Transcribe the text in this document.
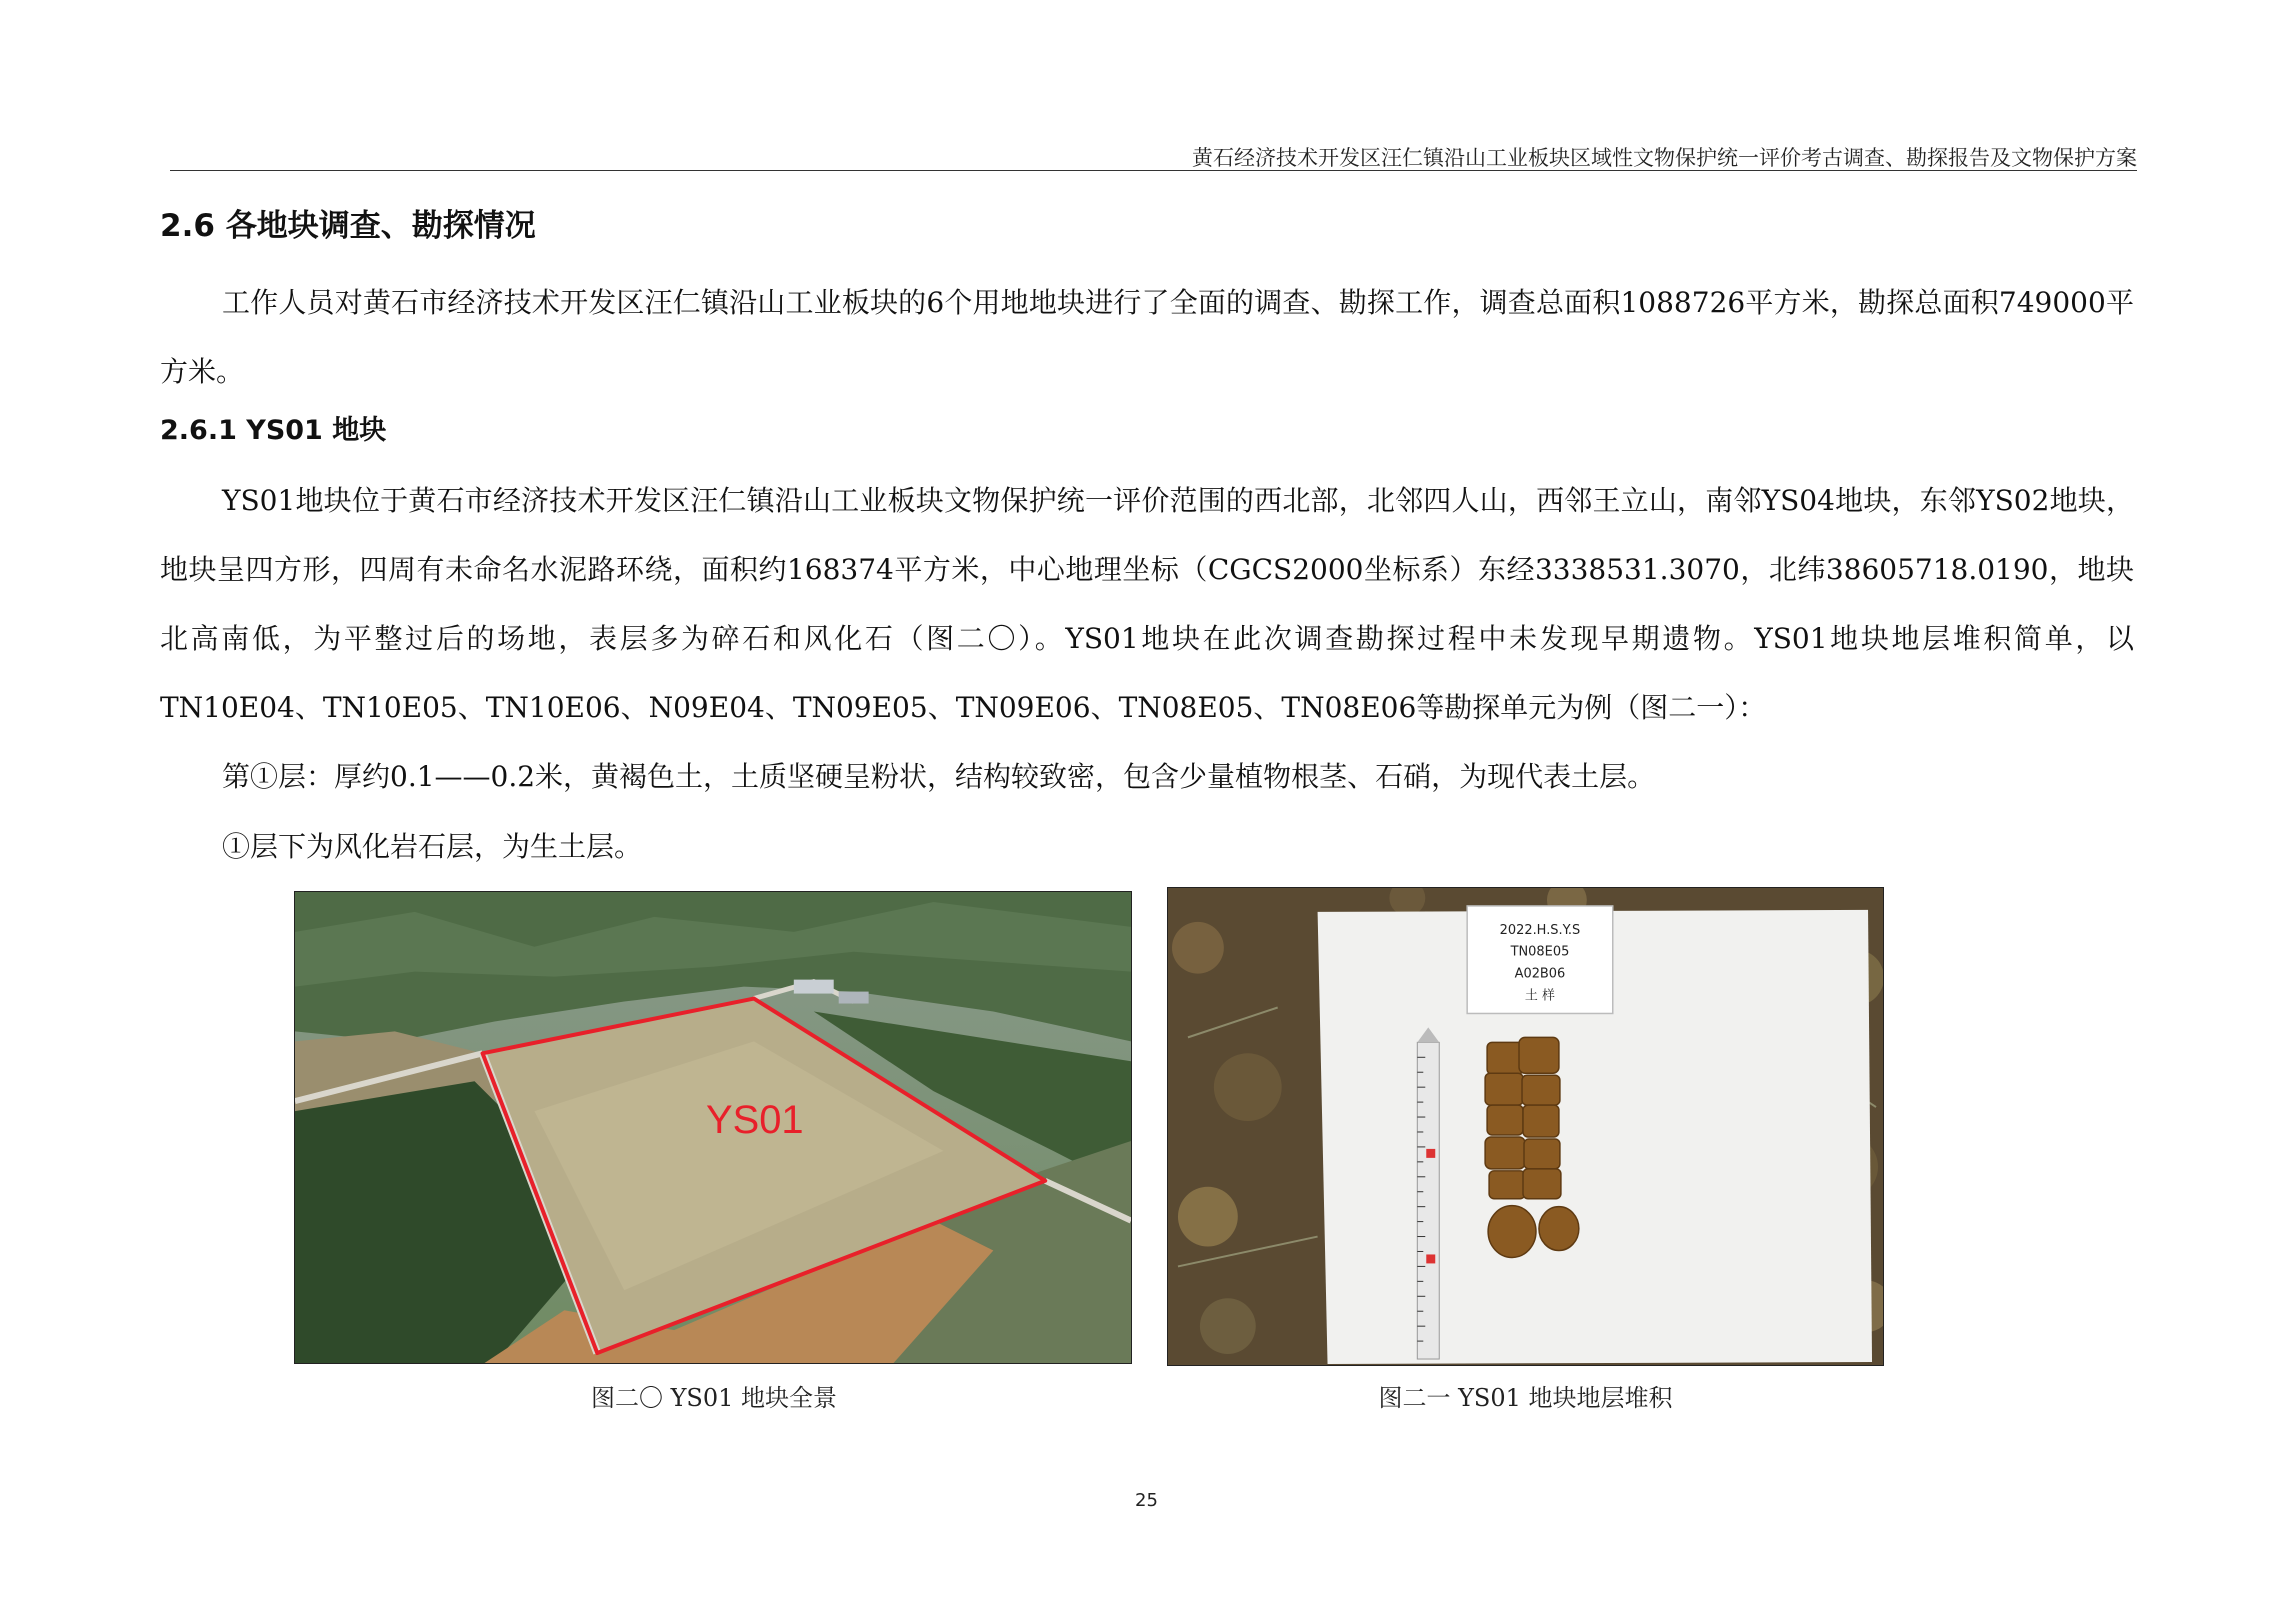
黄石经济技术开发区汪仁镇沿山工业板块区域性文物保护统一评价考古调查、勘探报告及文物保护方案
2.6 各地块调查、勘探情况

工作人员对黄石市经济技术开发区汪仁镇沿山工业板块的6个用地地块进行了全面的调查、勘探工作，调查总面积1088726平方米，勘探总面积749000平方米。

2.6.1 YS01 地块

YS01地块位于黄石市经济技术开发区汪仁镇沿山工业板块文物保护统一评价范围的西北部，北邻四人山，西邻王立山，南邻YS04地块，东邻YS02地块，地块呈四方形，四周有未命名水泥路环绕，面积约168374平方米，中心地理坐标（CGCS2000坐标系）东经3338531.3070，北纬38605718.0190，地块北高南低，为平整过后的场地，表层多为碎石和风化石（图二〇）。YS01地块在此次调查勘探过程中未发现早期遗物。YS01地块地层堆积简单，以TN10E04、TN10E05、TN10E06、N09E04、TN09E05、TN09E06、TN08E05、TN08E06等勘探单元为例（图二一）：

第①层：厚约0.1——0.2米，黄褐色土，土质坚硬呈粉状，结构较致密，包含少量植物根茎、石硝，为现代表土层。

①层下为风化岩石层，为生土层。

YS01
图二〇 YS01 地块全景
2022.H.S.Y.S
TN08E05
A02B06
土 样
图二一 YS01 地块地层堆积
25
